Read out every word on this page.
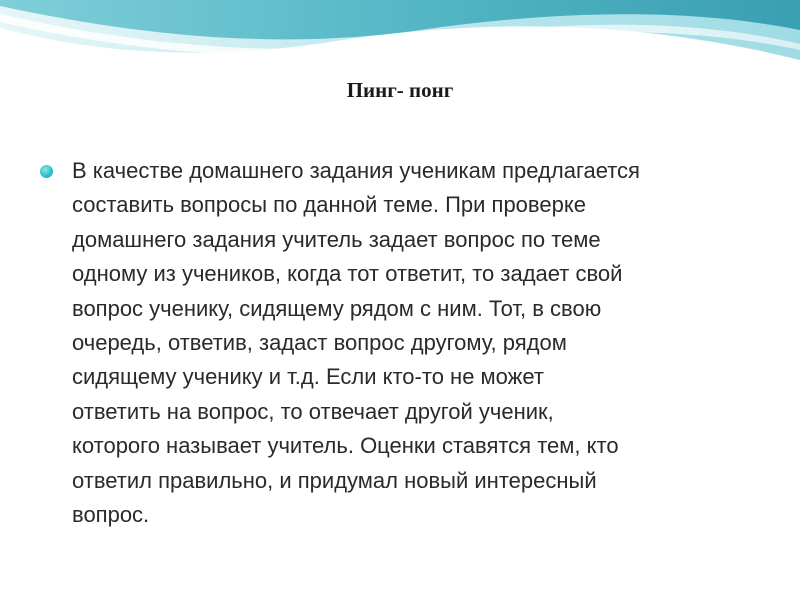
Пинг- понг
В качестве домашнего задания ученикам предлагается
составить вопросы по данной теме. При проверке
домашнего задания учитель задает вопрос по теме
одному из учеников, когда тот ответит, то задает свой
вопрос ученику, сидящему рядом с ним. Тот, в свою
очередь, ответив, задаст вопрос другому, рядом
сидящему ученику и т.д. Если кто-то не может
ответить на вопрос, то отвечает другой ученик,
которого называет учитель. Оценки ставятся тем, кто
ответил правильно, и придумал новый интересный
вопрос.
